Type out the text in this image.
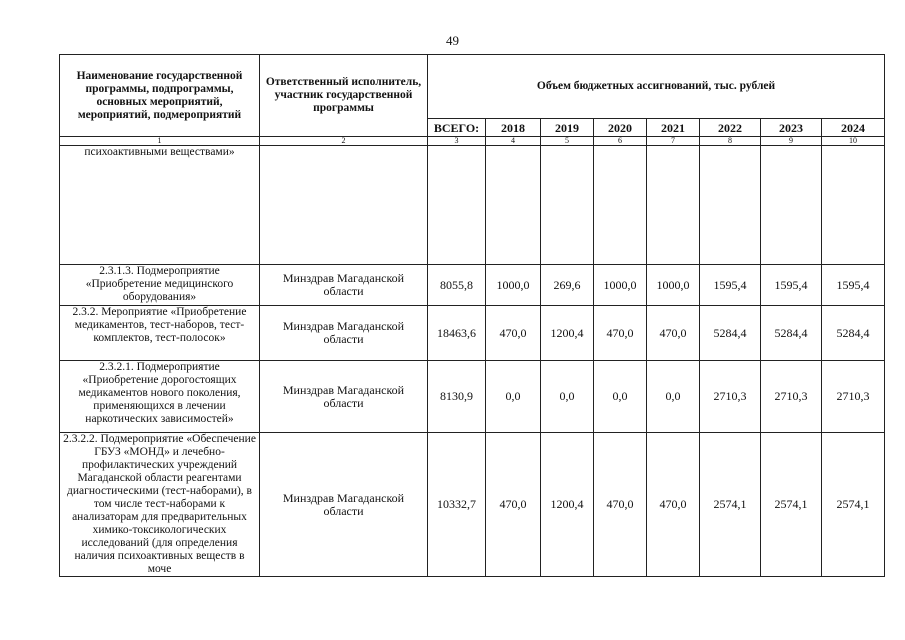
49
Наименование государственной программы, подпрограммы, основных мероприятий, мероприятий, подмероприятий	Ответственный исполнитель, участник государственной программы	Объем бюджетных ассигнований, тыс. рублей							
		ВСЕГО:	2018	2019	2020	2021	2022	2023	2024
1	2	3	4	5	6	7	8	9	10
психоактивными веществами»									
2.3.1.3. Подмероприятие «Приобретение медицинского оборудования»	Минздрав Магаданской области	8055,8	1000,0	269,6	1000,0	1000,0	1595,4	1595,4	1595,4
2.3.2. Мероприятие «Приобретение медикаментов, тест-наборов, тест-комплектов, тест-полосок»	Минздрав Магаданской области	18463,6	470,0	1200,4	470,0	470,0	5284,4	5284,4	5284,4
2.3.2.1. Подмероприятие «Приобретение дорогостоящих медикаментов нового поколения, применяющихся в лечении наркотических зависимостей»	Минздрав Магаданской области	8130,9	0,0	0,0	0,0	0,0	2710,3	2710,3	2710,3
2.3.2.2. Подмероприятие «Обеспечение ГБУЗ «МОНД» и лечебно-профилактических учреждений Магаданской области реагентами диагностическими (тест-наборами), в том числе тест-наборами к анализаторам для предварительных химико-токсикологических исследований (для определения наличия психоактивных веществ в моче	Минздрав Магаданской области	10332,7	470,0	1200,4	470,0	470,0	2574,1	2574,1	2574,1
